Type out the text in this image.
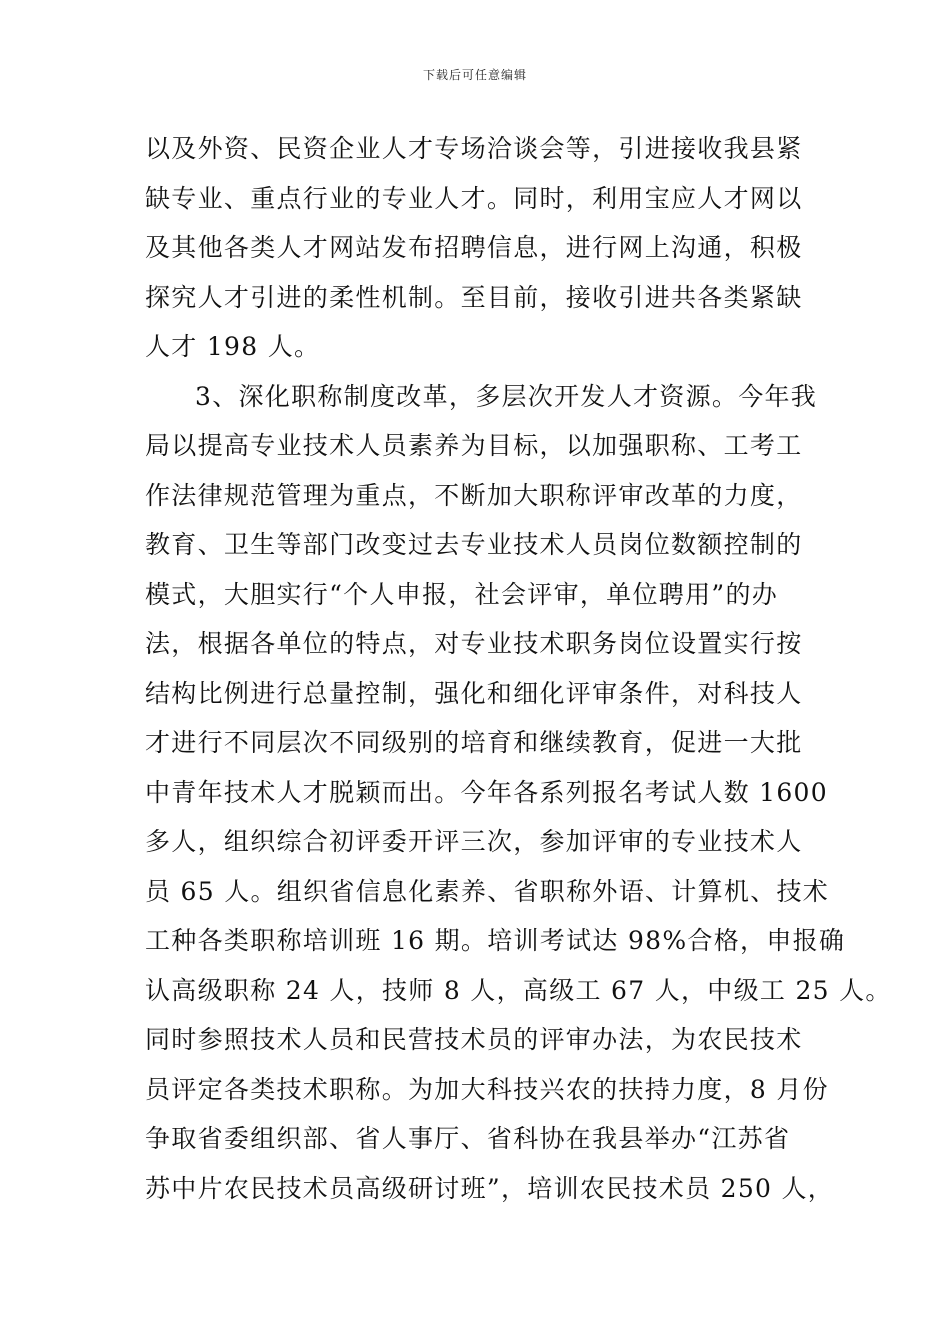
下载后可任意编辑
以及外资、民资企业人才专场洽谈会等，引进接收我县紧
缺专业、重点行业的专业人才。同时，利用宝应人才网以
及其他各类人才网站发布招聘信息，进行网上沟通，积极
探究人才引进的柔性机制。至目前，接收引进共各类紧缺
人才 198 人。
3、深化职称制度改革，多层次开发人才资源。今年我
局以提高专业技术人员素养为目标，以加强职称、工考工
作法律规范管理为重点，不断加大职称评审改革的力度，
教育、卫生等部门改变过去专业技术人员岗位数额控制的
模式，大胆实行“个人申报，社会评审，单位聘用”的办
法，根据各单位的特点，对专业技术职务岗位设置实行按
结构比例进行总量控制，强化和细化评审条件，对科技人
才进行不同层次不同级别的培育和继续教育，促进一大批
中青年技术人才脱颖而出。今年各系列报名考试人数 1600
多人，组织综合初评委开评三次，参加评审的专业技术人
员 65 人。组织省信息化素养、省职称外语、计算机、技术
工种各类职称培训班 16 期。培训考试达 98%合格，申报确
认高级职称 24 人，技师 8 人，高级工 67 人，中级工 25 人。
同时参照技术人员和民营技术员的评审办法，为农民技术
员评定各类技术职称。为加大科技兴农的扶持力度，8 月份
争取省委组织部、省人事厅、省科协在我县举办“江苏省
苏中片农民技术员高级研讨班”，培训农民技术员 250 人，
